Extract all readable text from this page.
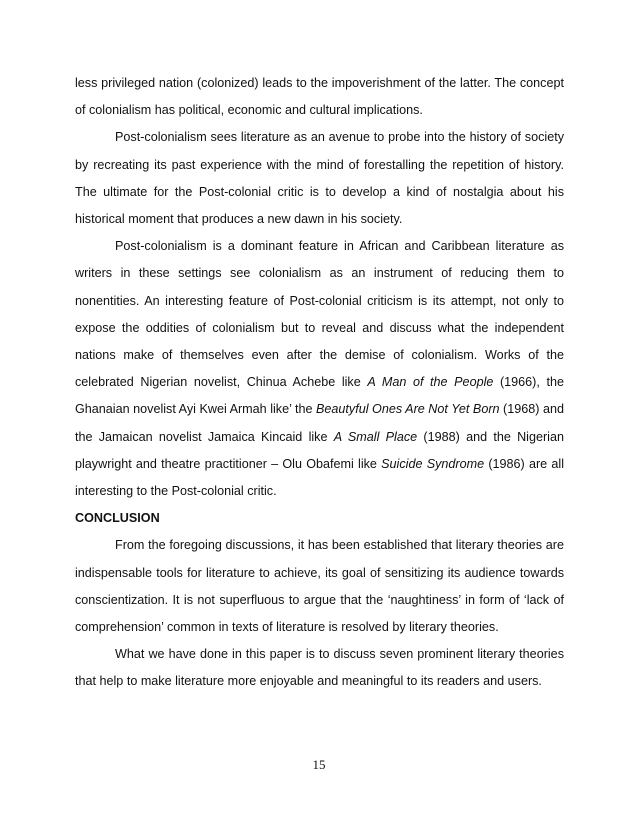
less privileged nation (colonized) leads to the impoverishment of the latter. The concept of colonialism has political, economic and cultural implications.

Post-colonialism sees literature as an avenue to probe into the history of society by recreating its past experience with the mind of forestalling the repetition of history. The ultimate for the Post-colonial critic is to develop a kind of nostalgia about his historical moment that produces a new dawn in his society.

Post-colonialism is a dominant feature in African and Caribbean literature as writers in these settings see colonialism as an instrument of reducing them to nonentities. An interesting feature of Post-colonial criticism is its attempt, not only to expose the oddities of colonialism but to reveal and discuss what the independent nations make of themselves even after the demise of colonialism. Works of the celebrated Nigerian novelist, Chinua Achebe like A Man of the People (1966), the Ghanaian novelist Ayi Kwei Armah like’ the Beautyful Ones Are Not Yet Born (1968) and the Jamaican novelist Jamaica Kincaid like A Small Place (1988) and the Nigerian playwright and theatre practitioner – Olu Obafemi like Suicide Syndrome (1986) are all interesting to the Post-colonial critic.

CONCLUSION

From the foregoing discussions, it has been established that literary theories are indispensable tools for literature to achieve, its goal of sensitizing its audience towards conscientization. It is not superfluous to argue that the ‘naughtiness’ in form of ‘lack of comprehension’ common in texts of literature is resolved by literary theories.

What we have done in this paper is to discuss seven prominent literary theories that help to make literature more enjoyable and meaningful to its readers and users.

15
